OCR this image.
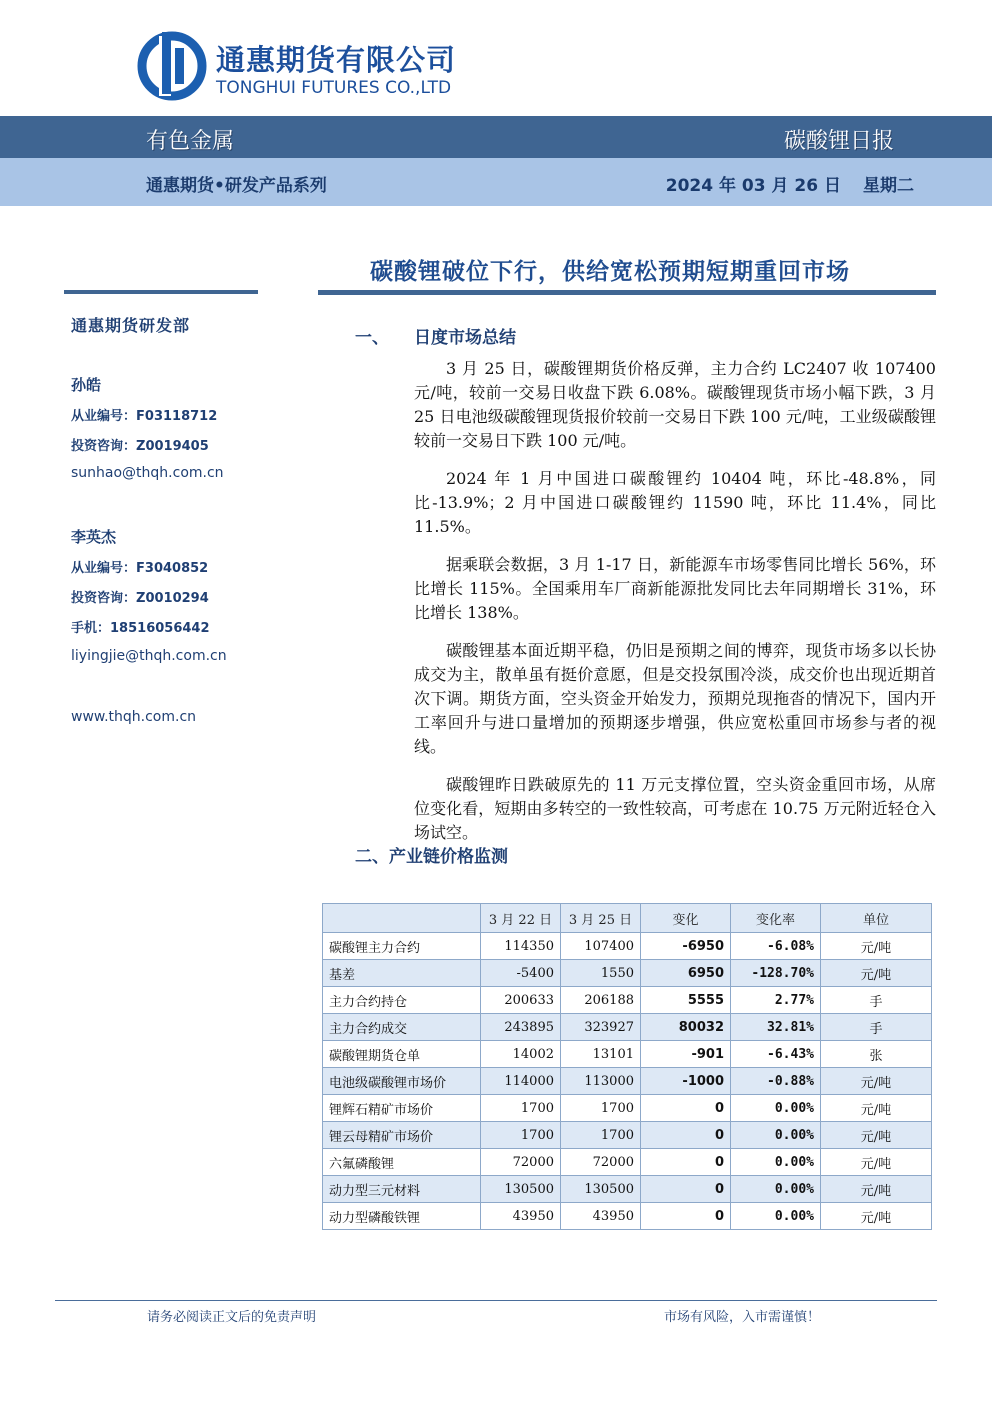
通惠期货有限公司
TONGHUI FUTURES CO.,LTD
有色金属	碳酸锂日报
通惠期货•研发产品系列	2024 年 03 月 26 日 星期二
碳酸锂破位下行，供给宽松预期短期重回市场
通惠期货研发部
孙皓
从业编号：F03118712
投资咨询：Z0019405
sunhao@thqh.com.cn
李英杰
从业编号：F3040852
投资咨询：Z0010294
手机：18516056442
liyingjie@thqh.com.cn
www.thqh.com.cn
一、 日度市场总结

3 月 25 日，碳酸锂期货价格反弹，主力合约 LC2407 收 107400 元/吨，较前一交易日收盘下跌 6.08%。碳酸锂现货市场小幅下跌，3 月 25 日电池级碳酸锂现货报价较前一交易日下跌 100 元/吨，工业级碳酸锂较前一交易日下跌 100 元/吨。

2024 年 1 月中国进口碳酸锂约 10404 吨，环比-48.8%，同比-13.9%；2 月中国进口碳酸锂约 11590 吨，环比 11.4%，同比 11.5%。

据乘联会数据，3 月 1-17 日，新能源车市场零售同比增长 56%，环比增长 115%。全国乘用车厂商新能源批发同比去年同期增长 31%，环比增长 138%。

碳酸锂基本面近期平稳，仍旧是预期之间的博弈，现货市场多以长协成交为主，散单虽有挺价意愿，但是交投氛围冷淡，成交价也出现近期首次下调。期货方面，空头资金开始发力，预期兑现拖沓的情况下，国内开工率回升与进口量增加的预期逐步增强，供应宽松重回市场参与者的视线。

碳酸锂昨日跌破原先的 11 万元支撑位置，空头资金重回市场，从席位变化看，短期由多转空的一致性较高，可考虑在 10.75 万元附近轻仓入场试空。

二、产业链价格监测
	3 月 22 日	3 月 25 日	变化	变化率	单位
碳酸锂主力合约	114350	107400	-6950	-6.08%	元/吨
基差	-5400	1550	6950	-128.70%	元/吨
主力合约持仓	200633	206188	5555	2.77%	手
主力合约成交	243895	323927	80032	32.81%	手
碳酸锂期货仓单	14002	13101	-901	-6.43%	张
电池级碳酸锂市场价	114000	113000	-1000	-0.88%	元/吨
锂辉石精矿市场价	1700	1700	0	0.00%	元/吨
锂云母精矿市场价	1700	1700	0	0.00%	元/吨
六氟磷酸锂	72000	72000	0	0.00%	元/吨
动力型三元材料	130500	130500	0	0.00%	元/吨
动力型磷酸铁锂	43950	43950	0	0.00%	元/吨
请务必阅读正文后的免责声明	市场有风险，入市需谨慎！
